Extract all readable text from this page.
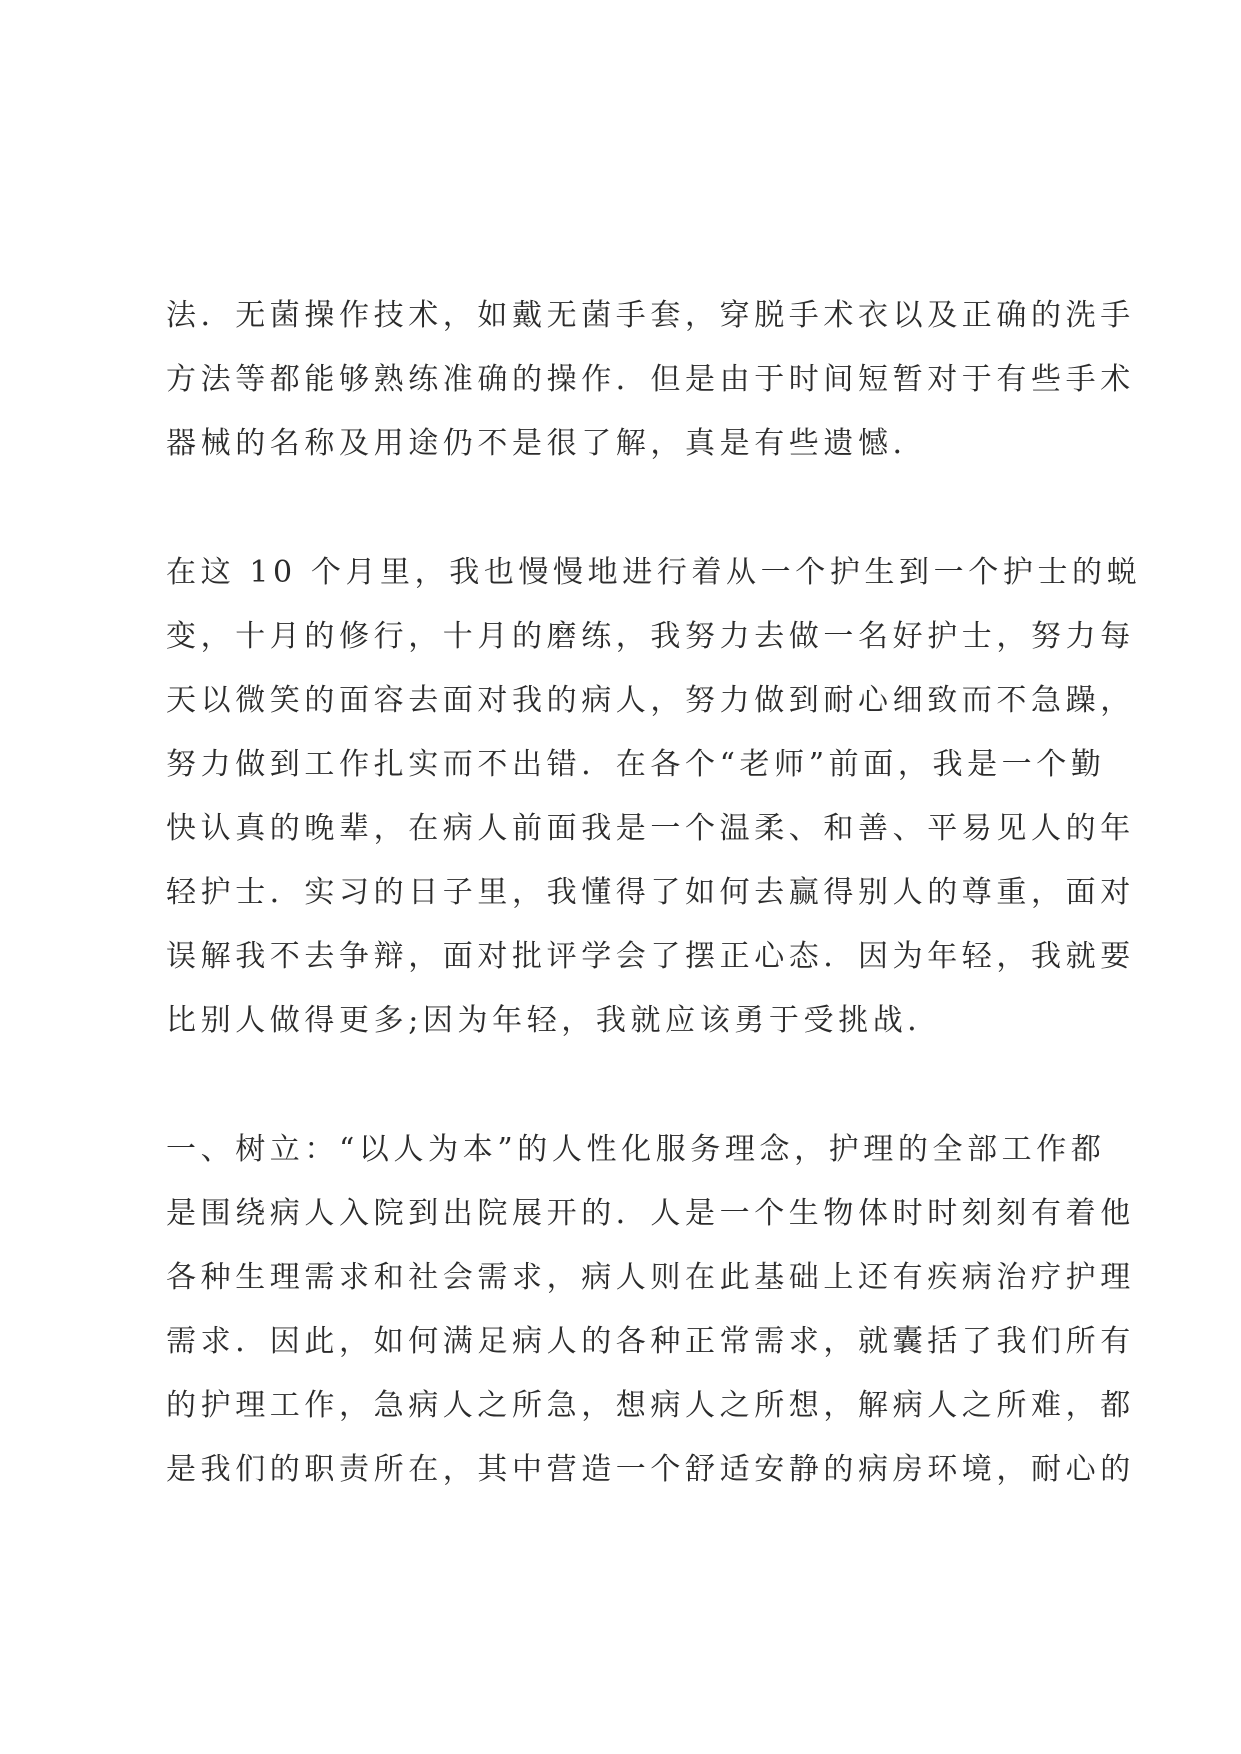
法．无菌操作技术，如戴无菌手套，穿脱手术衣以及正确的洗手
方法等都能够熟练准确的操作．但是由于时间短暂对于有些手术
器械的名称及用途仍不是很了解，真是有些遗憾．
在这 10 个月里，我也慢慢地进行着从一个护生到一个护士的蜕
变，十月的修行，十月的磨练，我努力去做一名好护士，努力每
天以微笑的面容去面对我的病人，努力做到耐心细致而不急躁，
努力做到工作扎实而不出错．在各个“老师”前面，我是一个勤
快认真的晚辈，在病人前面我是一个温柔、和善、平易见人的年
轻护士．实习的日子里，我懂得了如何去赢得别人的尊重，面对
误解我不去争辩，面对批评学会了摆正心态．因为年轻，我就要
比别人做得更多;因为年轻，我就应该勇于受挑战．
一、树立：“以人为本”的人性化服务理念，护理的全部工作都
是围绕病人入院到出院展开的．人是一个生物体时时刻刻有着他
各种生理需求和社会需求，病人则在此基础上还有疾病治疗护理
需求．因此，如何满足病人的各种正常需求，就囊括了我们所有
的护理工作，急病人之所急，想病人之所想，解病人之所难，都
是我们的职责所在，其中营造一个舒适安静的病房环境，耐心的
